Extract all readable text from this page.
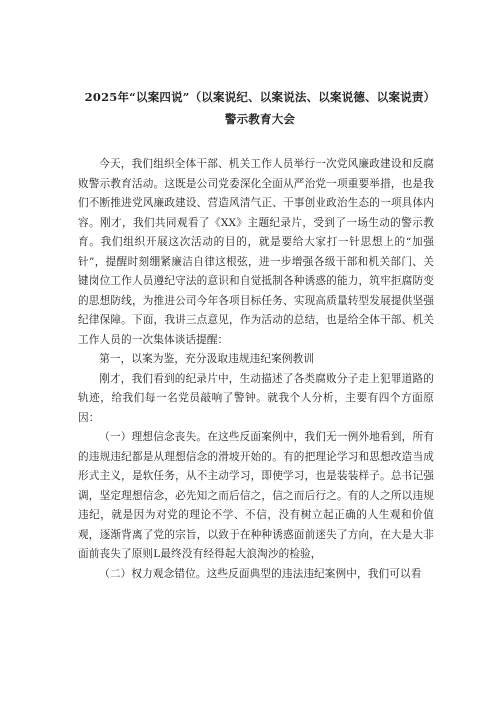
2025年“以案四说”（以案说纪、以案说法、以案说德、以案说责）
警示教育大会

今天，我们组织全体干部、机关工作人员举行一次党风廉政建设和反腐败警示教育活动。这既是公司党委深化全面从严治党一项重要举措，也是我们不断推进党风廉政建设、营造风清气正、干事创业政治生态的一项具体内容。刚才，我们共同观看了《XX》主题纪录片，受到了一场生动的警示教育。我们组织开展这次活动的目的，就是要给大家打一针思想上的“加强针”，提醒时刻绷紧廉洁自律这根弦，进一步增强各级干部和机关部门、关键岗位工作人员遵纪守法的意识和自觉抵制各种诱惑的能力，筑牢拒腐防变的思想防线，为推进公司今年各项目标任务、实现高质量转型发展提供坚强纪律保障。下面，我讲三点意见，作为活动的总结，也是给全体干部、机关工作人员的一次集体谈话提醒：

第一，以案为鉴，充分汲取违规违纪案例教训

刚才，我们看到的纪录片中，生动描述了各类腐败分子走上犯罪道路的轨迹，给我们每一名党员敲响了警钟。就我个人分析，主要有四个方面原因：

（一）理想信念丧失。在这些反面案例中，我们无一例外地看到，所有的违规违纪都是从理想信念的滑坡开始的。有的把理论学习和思想改造当成形式主义，是软任务，从不主动学习，即使学习，也是装装样子。总书记强调，坚定理想信念，必先知之而后信之，信之而后行之。有的人之所以违规违纪，就是因为对党的理论不学、不信，没有树立起正确的人生观和价值观，逐渐背离了党的宗旨，以致于在种种诱惑面前迷失了方向，在大是大非面前丧失了原则L最终没有经得起大浪淘沙的检验，

（二）权力观念错位。这些反面典型的违法违纪案例中，我们可以看
